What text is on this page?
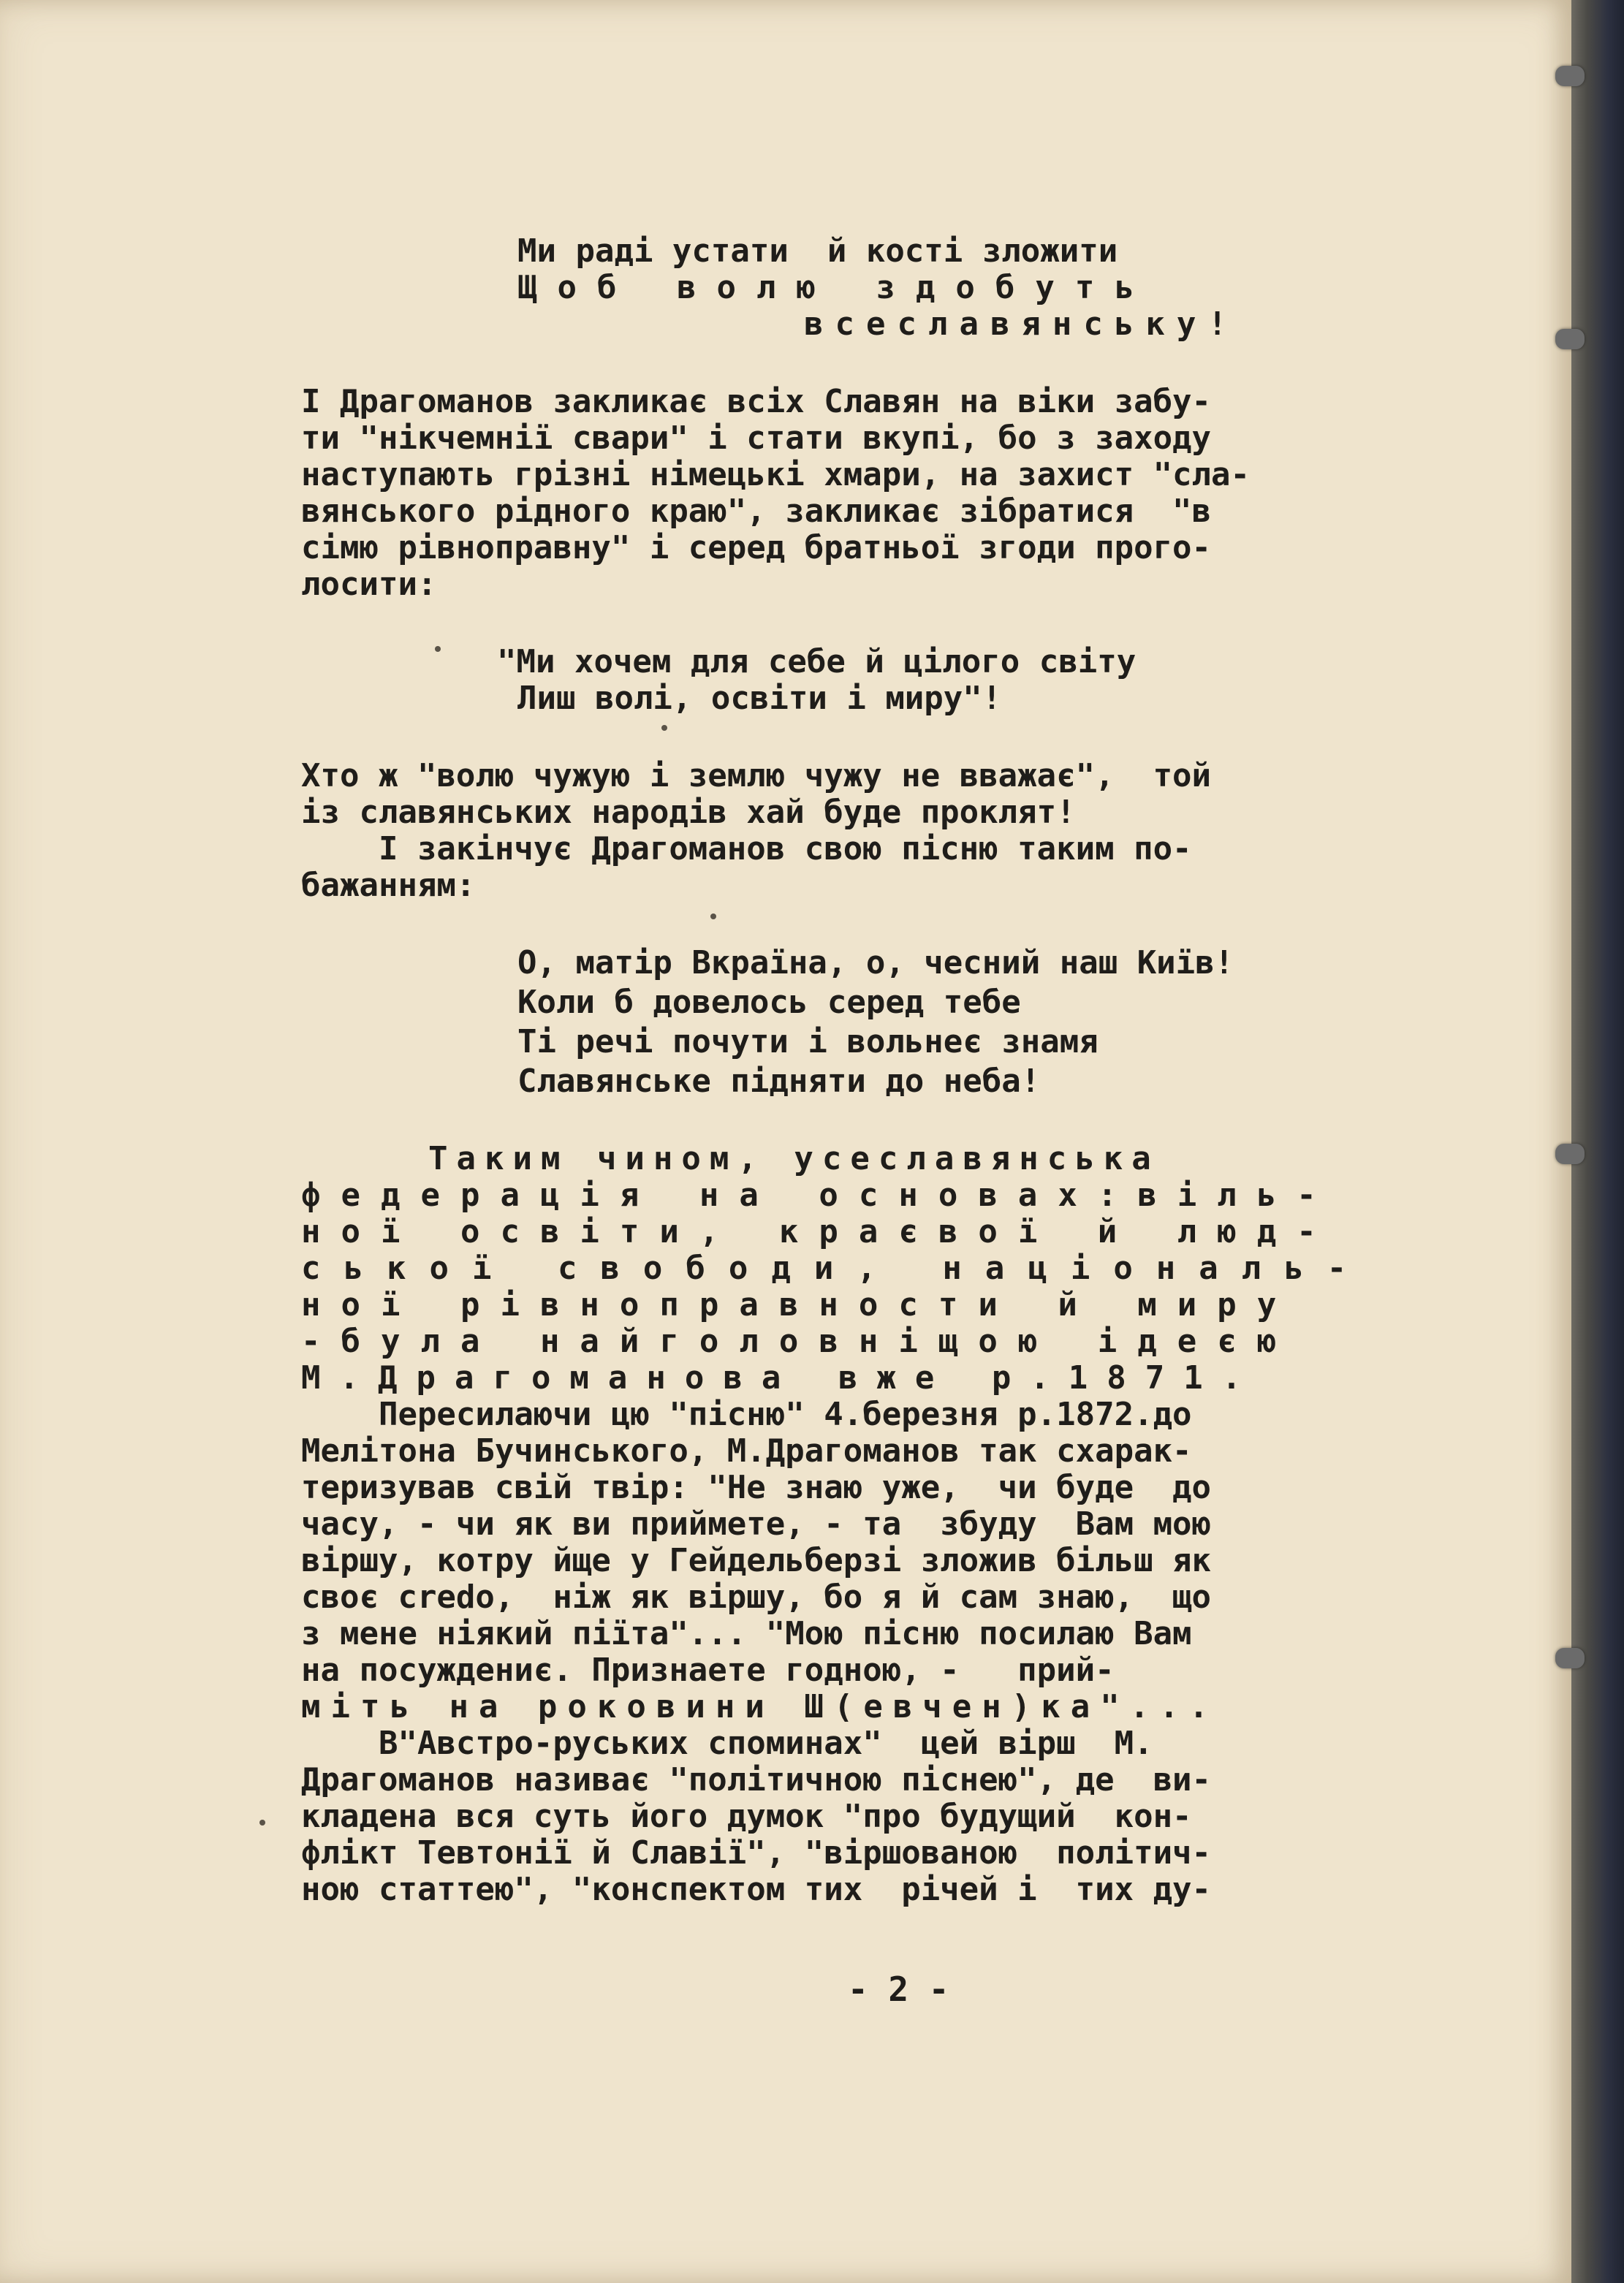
Ми раді устати  й кості зложити
Щоб волю здобуть
всеславянську!
І Драгоманов закликає всіх Славян на віки забу-
ти "нікчемнії свари" і стати вкупі, бо з заходу
наступають грізні німецькі хмари, на захист "сла-
вянського рідного краю", закликає зібратися  "в
сімю рівноправну" і серед братньої згоди прого-
лосити:
"Ми хочем для себе й цілого світу
Лиш волі, освіти і миру"!
Хто ж "волю чужую і землю чужу не вважає",  той
із славянських народів хай буде проклят!
І закінчує Драгоманов свою пісню таким по-
бажанням:
О, матір Вкраїна, о, чесний наш Київ!
Коли б довелось серед тебе
Ті речі почути і вольнеє знамя
Славянське підняти до неба!
Таким чином, усеславянська
федерація на основах:віль-
ної освіти, краєвої й люд-
ської свободи, національ-
ної рівноправности й миру
-була найголовніщою ідеєю
М.Драгоманова вже р.1871.
Пересилаючи цю "пісню" 4.березня р.1872.до
Мелітона Бучинського, М.Драгоманов так схарак-
теризував свій твір: "Не знаю уже,  чи буде  до
часу, - чи як ви приймете, - та  збуду  Вам мою
віршу, котру йще у Гейдельберзі зложив більш як
своє credo,  ніж як віршу, бо я й сам знаю,  що
з мене ніякий піїта"... "Мою пісню посилаю Вам
на посуждениє. Признаете годною, -   прий-
міть на роковини Ш(евчен)ка"...
В"Австро-руських споминах"  цей вірш  М.
Драгоманов називає "політичною піснею", де  ви-
кладена вся суть його думок "про будущий  кон-
флікт Тевтонії й Славії", "віршованою  політич-
ною статтею", "конспектом тих  річей і  тих ду-
- 2 -
